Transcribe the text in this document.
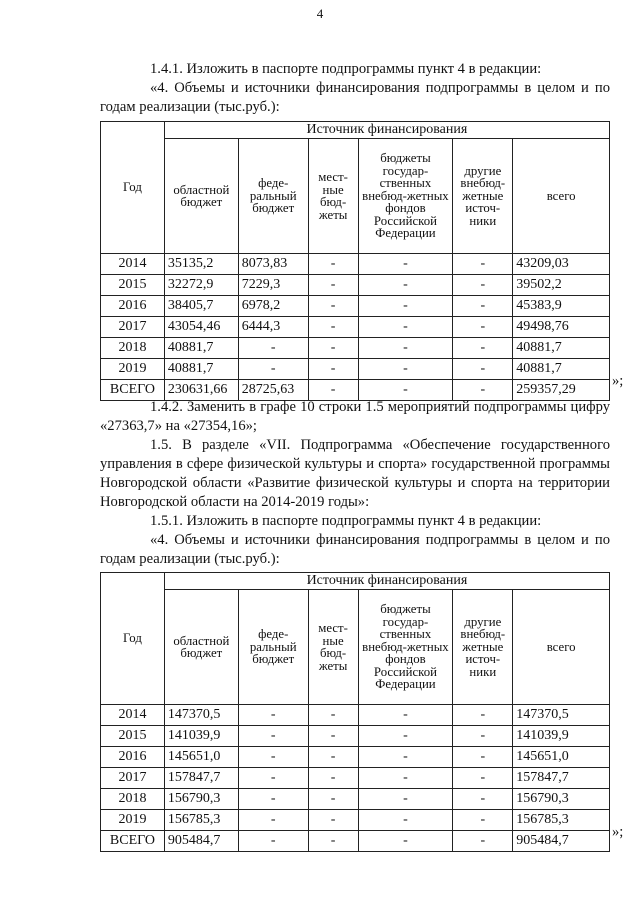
4

1.4.1. Изложить в паспорте подпрограммы пункт 4 в редакции:

«4. Объемы и источники финансирования подпрограммы в целом и по годам реализации (тыс.руб.):

Год	Источник финансирования					
	областной бюджет	феде-ральный бюджет	мест-ные бюд-жеты	бюджеты государ-ственных внебюд-жетных фондов Российской Федерации	другие внебюд-жетные источ-ники	всего
2014	35135,2	8073,83	-	-	-	43209,03
2015	32272,9	7229,3	-	-	-	39502,2
2016	38405,7	6978,2	-	-	-	45383,9
2017	43054,46	6444,3	-	-	-	49498,76
2018	40881,7	-	-	-	-	40881,7
2019	40881,7	-	-	-	-	40881,7
ВСЕГО	230631,66	28725,63	-	-	-	259357,29
»;

1.4.2. Заменить в графе 10 строки 1.5 мероприятий подпрограммы цифру «27363,7» на «27354,16»;

1.5. В разделе «VII. Подпрограмма «Обеспечение государственного управления в сфере физической культуры и спорта» государственной программы Новгородской области «Развитие физической культуры и спорта на территории Новгородской области на 2014-2019 годы»:

1.5.1. Изложить в паспорте подпрограммы пункт 4 в редакции:

«4. Объемы и источники финансирования подпрограммы в целом и по годам реализации (тыс.руб.):

Год	Источник финансирования					
	областной бюджет	феде-ральный бюджет	мест-ные бюд-жеты	бюджеты государ-ственных внебюд-жетных фондов Российской Федерации	другие внебюд-жетные источ-ники	всего
2014	147370,5	-	-	-	-	147370,5
2015	141039,9	-	-	-	-	141039,9
2016	145651,0	-	-	-	-	145651,0
2017	157847,7	-	-	-	-	157847,7
2018	156790,3	-	-	-	-	156790,3
2019	156785,3	-	-	-	-	156785,3
ВСЕГО	905484,7	-	-	-	-	905484,7
»;
